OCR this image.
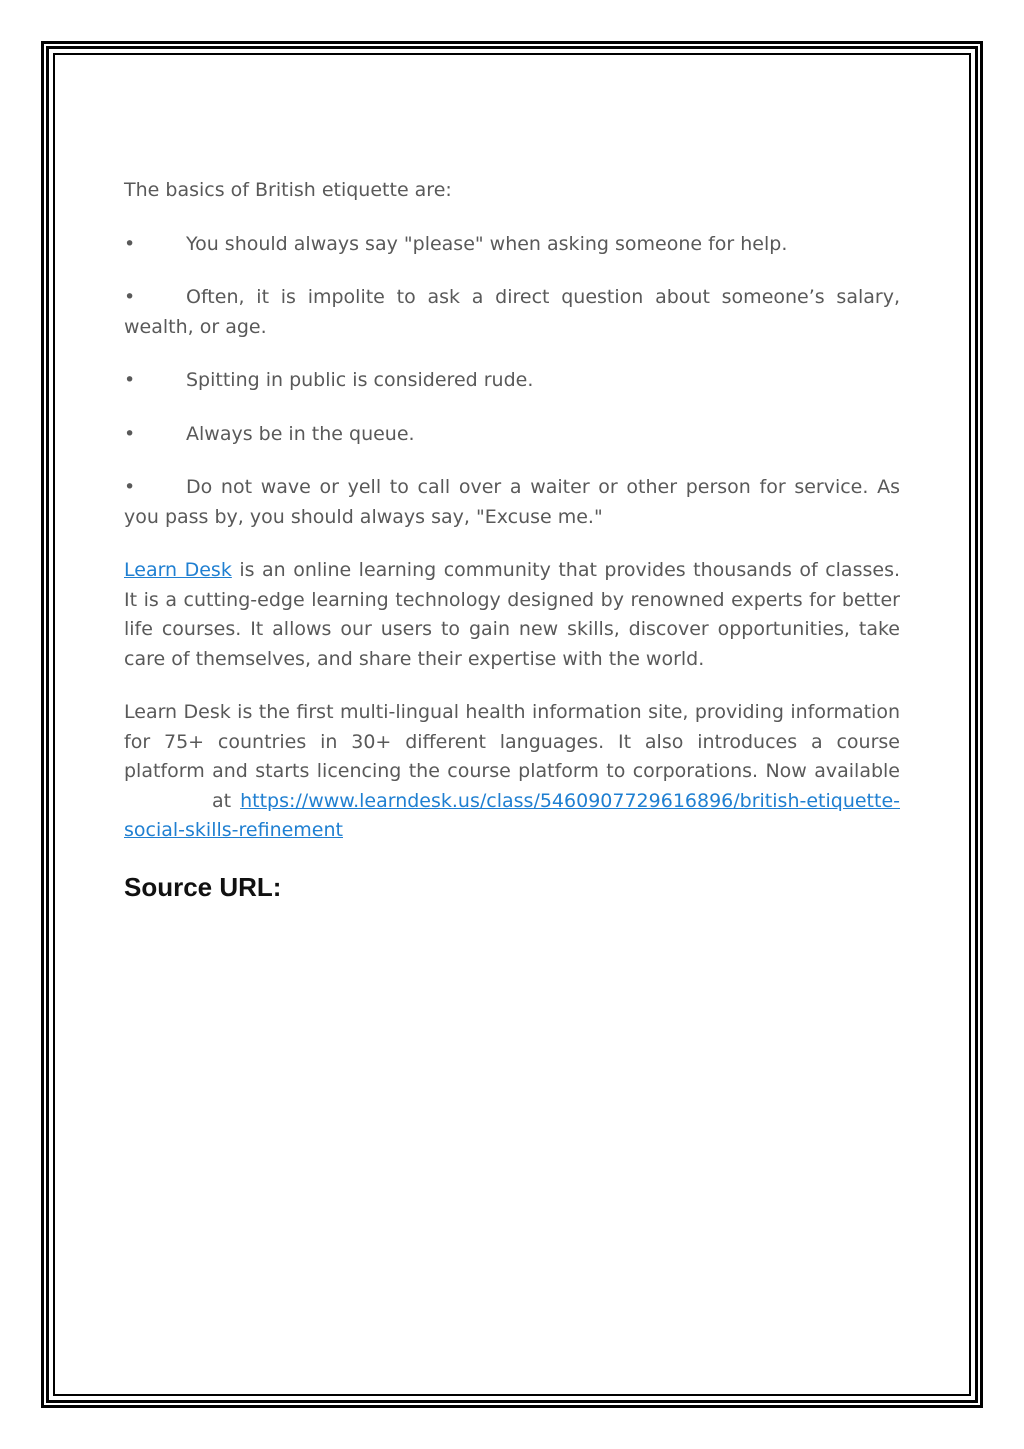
The basics of British etiquette are:

•	You should always say "please" when asking someone for help.

•	Often, it is impolite to ask a direct question about someone’s salary, wealth, or age.

•	Spitting in public is considered rude.

•	Always be in the queue.

•	Do not wave or yell to call over a waiter or other person for service. As you pass by, you should always say, "Excuse me."

Learn Desk is an online learning community that provides thousands of classes. It is a cutting-edge learning technology designed by renowned experts for better life courses. It allows our users to gain new skills, discover opportunities, take care of themselves, and share their expertise with the world.

Learn Desk is the first multi-lingual health information site, providing information for 75+ countries in 30+ different languages. It also introduces a course platform and starts licencing the course platform to corporations. Now availableat https://www.learndesk.us/class/5460907729616896/british-etiquette-social-skills-refinement

Source URL:
